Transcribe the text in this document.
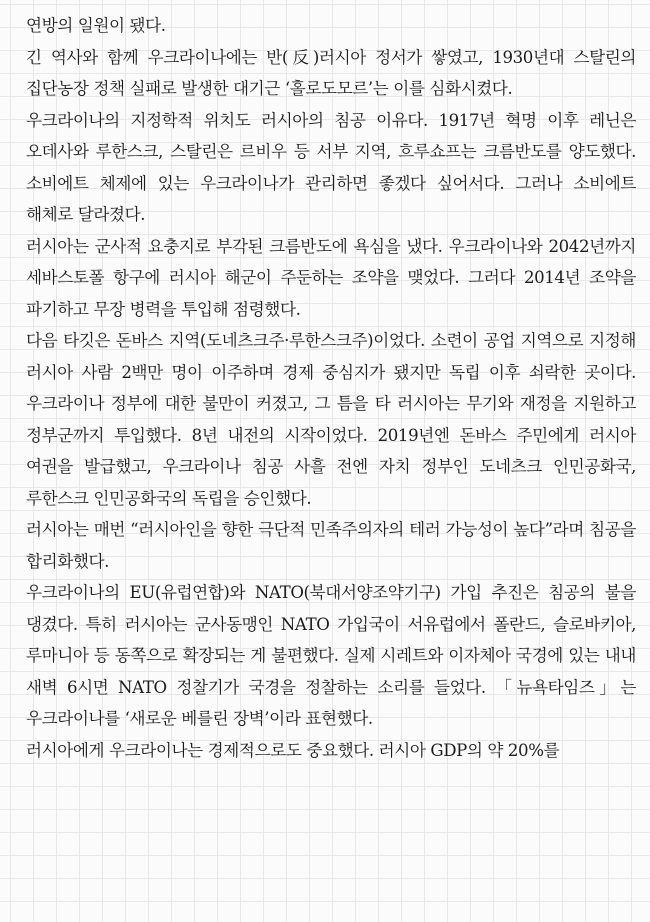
연방의 일원이 됐다.

긴 역사와 함께 우크라이나에는 반(反)러시아 정서가 쌓였고, 1930년대 스탈린의 집단농장 정책 실패로 발생한 대기근 ‘홀로도모르’는 이를 심화시켰다.

우크라이나의 지정학적 위치도 러시아의 침공 이유다. 1917년 혁명 이후 레닌은 오데사와 루한스크, 스탈린은 르비우 등 서부 지역, 흐루쇼프는 크름반도를 양도했다. 소비에트 체제에 있는 우크라이나가 관리하면 좋겠다 싶어서다. 그러나 소비에트 해체로 달라졌다.

러시아는 군사적 요충지로 부각된 크름반도에 욕심을 냈다. 우크라이나와 2042년까지 세바스토폴 항구에 러시아 해군이 주둔하는 조약을 맺었다. 그러다 2014년 조약을 파기하고 무장 병력을 투입해 점령했다.

다음 타깃은 돈바스 지역(도네츠크주·루한스크주)이었다. 소련이 공업 지역으로 지정해 러시아 사람 2백만 명이 이주하며 경제 중심지가 됐지만 독립 이후 쇠락한 곳이다. 우크라이나 정부에 대한 불만이 커졌고, 그 틈을 타 러시아는 무기와 재정을 지원하고 정부군까지 투입했다. 8년 내전의 시작이었다. 2019년엔 돈바스 주민에게 러시아 여권을 발급했고, 우크라이나 침공 사흘 전엔 자치 정부인 도네츠크 인민공화국, 루한스크 인민공화국의 독립을 승인했다.

러시아는 매번 “러시아인을 향한 극단적 민족주의자의 테러 가능성이 높다”라며 침공을 합리화했다.

우크라이나의 EU(유럽연합)와 NATO(북대서양조약기구) 가입 추진은 침공의 불을 댕겼다. 특히 러시아는 군사동맹인 NATO 가입국이 서유럽에서 폴란드, 슬로바키아, 루마니아 등 동쪽으로 확장되는 게 불편했다. 실제 시레트와 이자체아 국경에 있는 내내 새벽 6시면 NATO 정찰기가 국경을 정찰하는 소리를 들었다. 「뉴욕타임즈」는 우크라이나를 ‘새로운 베를린 장벽’이라 표현했다.

러시아에게 우크라이나는 경제적으로도 중요했다. 러시아 GDP의 약 20%를
